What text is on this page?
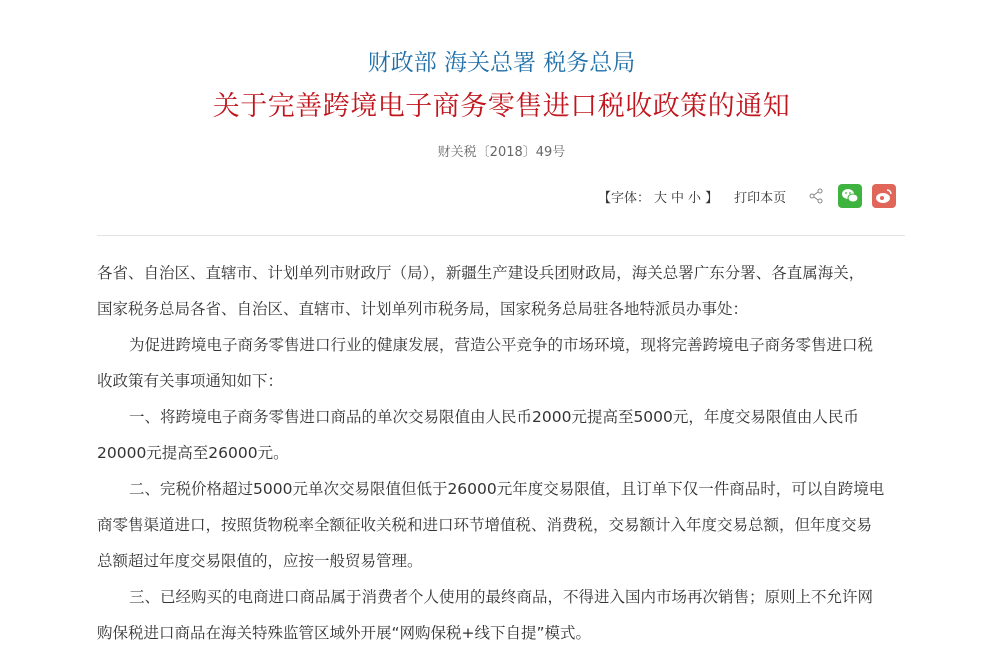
财政部 海关总署 税务总局
关于完善跨境电子商务零售进口税收政策的通知
财关税〔2018〕49号
【字体： 大 中 小 】 打印本页
各省、自治区、直辖市、计划单列市财政厅（局），新疆生产建设兵团财政局，海关总署广东分署、各直属海关，
国家税务总局各省、自治区、直辖市、计划单列市税务局，国家税务总局驻各地特派员办事处：
为促进跨境电子商务零售进口行业的健康发展，营造公平竞争的市场环境，现将完善跨境电子商务零售进口税
收政策有关事项通知如下：
一、将跨境电子商务零售进口商品的单次交易限值由人民币2000元提高至5000元，年度交易限值由人民币
20000元提高至26000元。
二、完税价格超过5000元单次交易限值但低于26000元年度交易限值，且订单下仅一件商品时，可以自跨境电
商零售渠道进口，按照货物税率全额征收关税和进口环节增值税、消费税，交易额计入年度交易总额，但年度交易
总额超过年度交易限值的，应按一般贸易管理。
三、已经购买的电商进口商品属于消费者个人使用的最终商品，不得进入国内市场再次销售；原则上不允许网
购保税进口商品在海关特殊监管区域外开展“网购保税+线下自提”模式。
